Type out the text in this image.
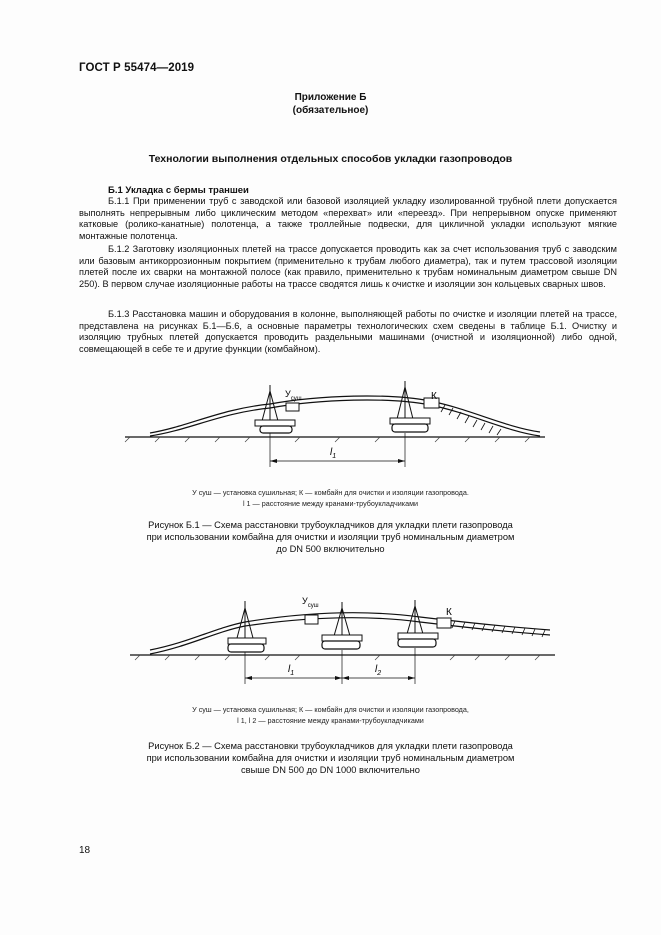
ГОСТ Р 55474—2019
Приложение Б
(обязательное)
Технологии выполнения отдельных способов укладки газопроводов
Б.1 Укладка с бермы траншеи
Б.1.1 При применении труб с заводской или базовой изоляцией укладку изолированной трубной плети допускается выполнять непрерывным либо циклическим методом «перехват» или «переезд». При непрерывном опуске применяют катковые (ролико-канатные) полотенца, а также троллейные подвески, для цикличной укладки используют мягкие монтажные полотенца.
Б.1.2 Заготовку изоляционных плетей на трассе допускается проводить как за счет использования труб с заводским или базовым антикоррозионным покрытием (применительно к трубам любого диаметра), так и путем трассовой изоляции плетей после их сварки на монтажной полосе (как правило, применительно к трубам номинальным диаметром свыше DN 250). В первом случае изоляционные работы на трассе сводятся лишь к очистке и изоляции зон кольцевых сварных швов.
Б.1.3 Расстановка машин и оборудования в колонне, выполняющей работы по очистке и изоляции плетей на трассе, представлена на рисунках Б.1—Б.6, а основные параметры технологических схем сведены в таблице Б.1. Очистку и изоляцию трубных плетей допускается проводить раздельными машинами (очистной и изоляционной) либо одной, совмещающей в себе те и другие функции (комбайном).
$l_1$
$У_{суш}$	К
У суш — установка сушильная; К — комбайн для очистки и изоляции газопровода.
l 1 — расстояние между кранами-трубоукладчиками
Рисунок Б.1 — Схема расстановки трубоукладчиков для укладки плети газопровода
при использовании комбайна для очистки и изоляции труб номинальным диаметром
до DN 500 включительно
$l_1$	$l_2$
$У_{суш}$
К
У суш — установка сушильная; К — комбайн для очистки и изоляции газопровода,
l 1, l 2 — расстояние между кранами-трубоукладчиками
Рисунок Б.2 — Схема расстановки трубоукладчиков для укладки плети газопровода
при использовании комбайна для очистки и изоляции труб номинальным диаметром
свыше DN 500 до DN 1000 включительно
18
